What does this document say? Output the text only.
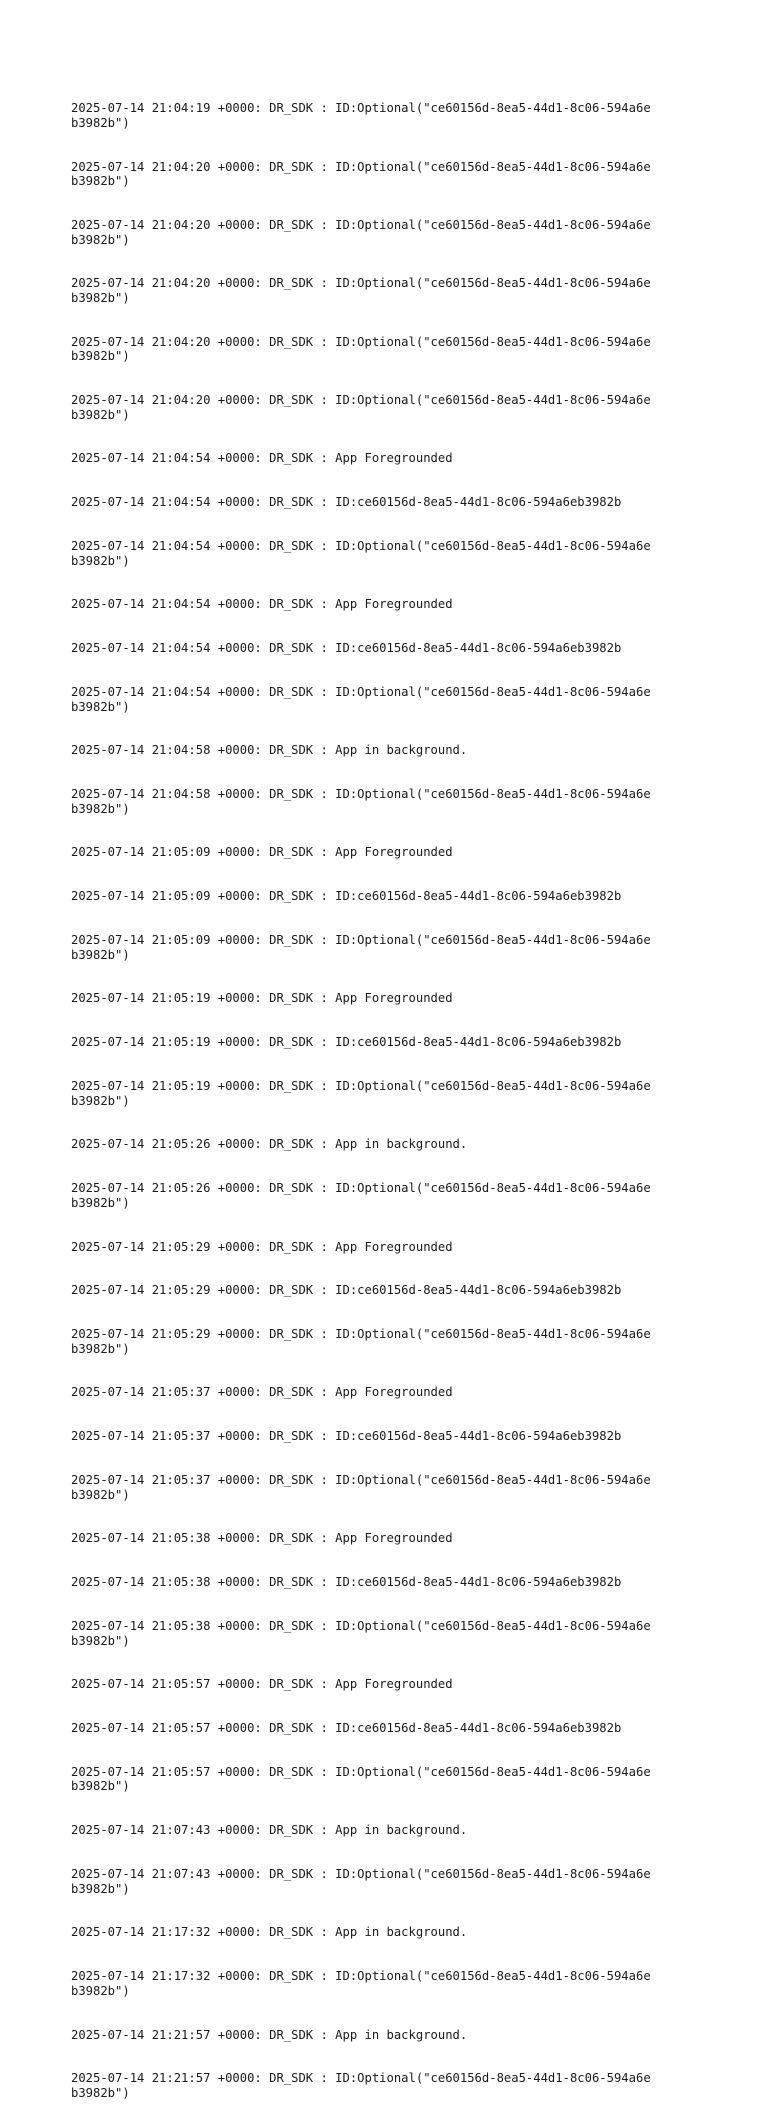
2025-07-14 21:04:19 +0000: DR_SDK : ID:Optional("ce60156d-8ea5-44d1-8c06-594a6eb3982b")

2025-07-14 21:04:20 +0000: DR_SDK : ID:Optional("ce60156d-8ea5-44d1-8c06-594a6eb3982b")

2025-07-14 21:04:20 +0000: DR_SDK : ID:Optional("ce60156d-8ea5-44d1-8c06-594a6eb3982b")

2025-07-14 21:04:20 +0000: DR_SDK : ID:Optional("ce60156d-8ea5-44d1-8c06-594a6eb3982b")

2025-07-14 21:04:20 +0000: DR_SDK : ID:Optional("ce60156d-8ea5-44d1-8c06-594a6eb3982b")

2025-07-14 21:04:20 +0000: DR_SDK : ID:Optional("ce60156d-8ea5-44d1-8c06-594a6eb3982b")

2025-07-14 21:04:54 +0000: DR_SDK : App Foregrounded

2025-07-14 21:04:54 +0000: DR_SDK : ID:ce60156d-8ea5-44d1-8c06-594a6eb3982b

2025-07-14 21:04:54 +0000: DR_SDK : ID:Optional("ce60156d-8ea5-44d1-8c06-594a6eb3982b")

2025-07-14 21:04:54 +0000: DR_SDK : App Foregrounded

2025-07-14 21:04:54 +0000: DR_SDK : ID:ce60156d-8ea5-44d1-8c06-594a6eb3982b

2025-07-14 21:04:54 +0000: DR_SDK : ID:Optional("ce60156d-8ea5-44d1-8c06-594a6eb3982b")

2025-07-14 21:04:58 +0000: DR_SDK : App in background.

2025-07-14 21:04:58 +0000: DR_SDK : ID:Optional("ce60156d-8ea5-44d1-8c06-594a6eb3982b")

2025-07-14 21:05:09 +0000: DR_SDK : App Foregrounded

2025-07-14 21:05:09 +0000: DR_SDK : ID:ce60156d-8ea5-44d1-8c06-594a6eb3982b

2025-07-14 21:05:09 +0000: DR_SDK : ID:Optional("ce60156d-8ea5-44d1-8c06-594a6eb3982b")

2025-07-14 21:05:19 +0000: DR_SDK : App Foregrounded

2025-07-14 21:05:19 +0000: DR_SDK : ID:ce60156d-8ea5-44d1-8c06-594a6eb3982b

2025-07-14 21:05:19 +0000: DR_SDK : ID:Optional("ce60156d-8ea5-44d1-8c06-594a6eb3982b")

2025-07-14 21:05:26 +0000: DR_SDK : App in background.

2025-07-14 21:05:26 +0000: DR_SDK : ID:Optional("ce60156d-8ea5-44d1-8c06-594a6eb3982b")

2025-07-14 21:05:29 +0000: DR_SDK : App Foregrounded

2025-07-14 21:05:29 +0000: DR_SDK : ID:ce60156d-8ea5-44d1-8c06-594a6eb3982b

2025-07-14 21:05:29 +0000: DR_SDK : ID:Optional("ce60156d-8ea5-44d1-8c06-594a6eb3982b")

2025-07-14 21:05:37 +0000: DR_SDK : App Foregrounded

2025-07-14 21:05:37 +0000: DR_SDK : ID:ce60156d-8ea5-44d1-8c06-594a6eb3982b

2025-07-14 21:05:37 +0000: DR_SDK : ID:Optional("ce60156d-8ea5-44d1-8c06-594a6eb3982b")

2025-07-14 21:05:38 +0000: DR_SDK : App Foregrounded

2025-07-14 21:05:38 +0000: DR_SDK : ID:ce60156d-8ea5-44d1-8c06-594a6eb3982b

2025-07-14 21:05:38 +0000: DR_SDK : ID:Optional("ce60156d-8ea5-44d1-8c06-594a6eb3982b")

2025-07-14 21:05:57 +0000: DR_SDK : App Foregrounded

2025-07-14 21:05:57 +0000: DR_SDK : ID:ce60156d-8ea5-44d1-8c06-594a6eb3982b

2025-07-14 21:05:57 +0000: DR_SDK : ID:Optional("ce60156d-8ea5-44d1-8c06-594a6eb3982b")

2025-07-14 21:07:43 +0000: DR_SDK : App in background.

2025-07-14 21:07:43 +0000: DR_SDK : ID:Optional("ce60156d-8ea5-44d1-8c06-594a6eb3982b")

2025-07-14 21:17:32 +0000: DR_SDK : App in background.

2025-07-14 21:17:32 +0000: DR_SDK : ID:Optional("ce60156d-8ea5-44d1-8c06-594a6eb3982b")

2025-07-14 21:21:57 +0000: DR_SDK : App in background.

2025-07-14 21:21:57 +0000: DR_SDK : ID:Optional("ce60156d-8ea5-44d1-8c06-594a6eb3982b")
